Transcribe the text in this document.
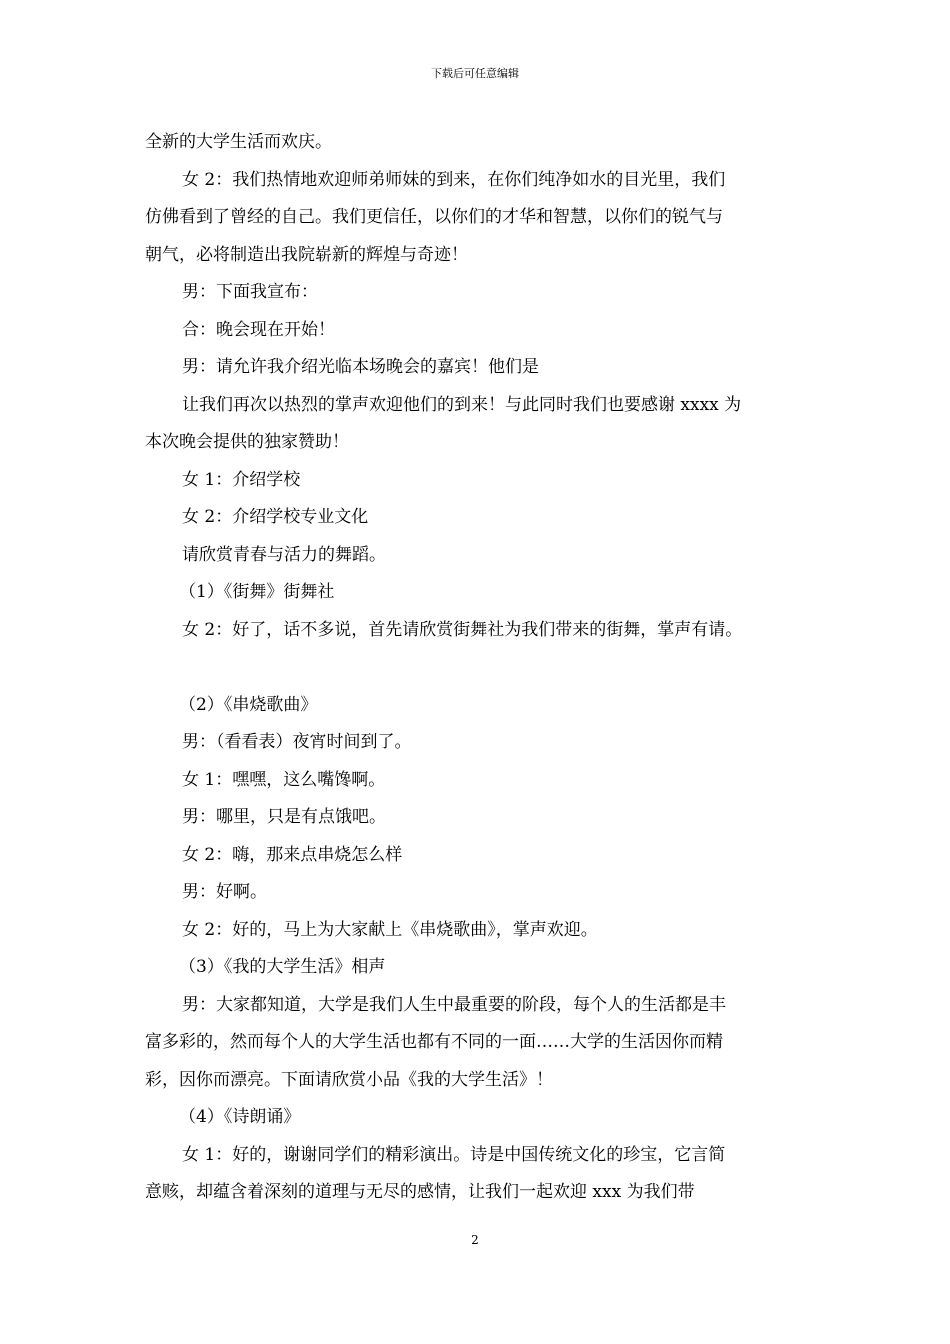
下载后可任意编辑
全新的大学生活而欢庆。
女 2：我们热情地欢迎师弟师妹的到来，在你们纯净如水的目光里，我们
仿佛看到了曾经的自己。我们更信任，以你们的才华和智慧，以你们的锐气与
朝气，必将制造出我院崭新的辉煌与奇迹！
男：下面我宣布：
合：晚会现在开始！
男：请允许我介绍光临本场晚会的嘉宾！他们是
让我们再次以热烈的掌声欢迎他们的到来！与此同时我们也要感谢 xxxx 为
本次晚会提供的独家赞助！
女 1：介绍学校
女 2：介绍学校专业文化
请欣赏青春与活力的舞蹈。
（1）《街舞》街舞社
女 2：好了，话不多说，首先请欣赏街舞社为我们带来的街舞，掌声有请。
（2）《串烧歌曲》
男：（看看表）夜宵时间到了。
女 1：嘿嘿，这么嘴馋啊。
男：哪里，只是有点饿吧。
女 2：嗨，那来点串烧怎么样
男：好啊。
女 2：好的，马上为大家献上《串烧歌曲》，掌声欢迎。
（3）《我的大学生活》相声
男：大家都知道，大学是我们人生中最重要的阶段，每个人的生活都是丰
富多彩的，然而每个人的大学生活也都有不同的一面……大学的生活因你而精
彩，因你而漂亮。下面请欣赏小品《我的大学生活》！
（4）《诗朗诵》
女 1：好的，谢谢同学们的精彩演出。诗是中国传统文化的珍宝，它言简
意赅，却蕴含着深刻的道理与无尽的感情，让我们一起欢迎 xxx 为我们带
2
